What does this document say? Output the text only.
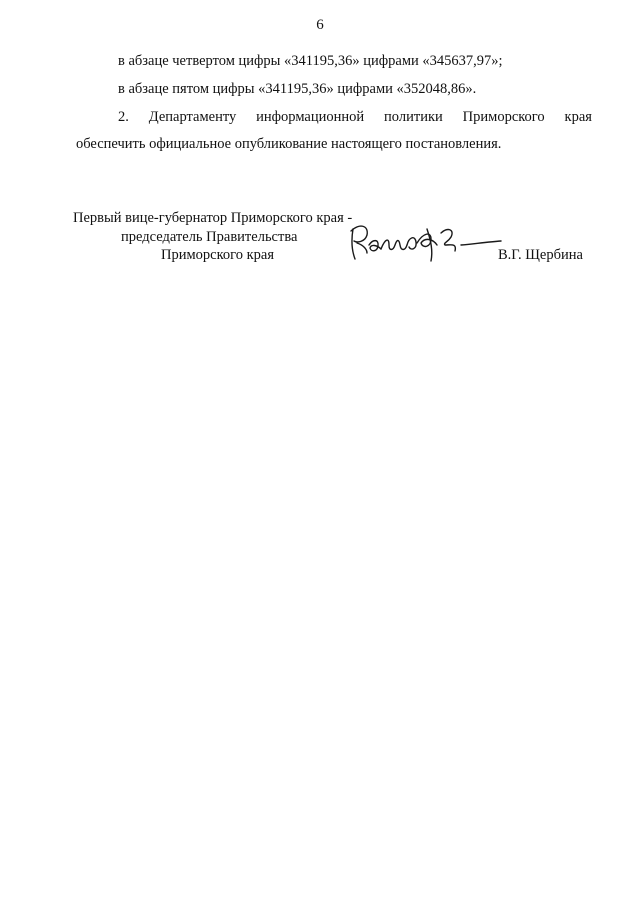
6
в абзаце четвертом цифры «341195,36» цифрами «345637,97»;
в абзаце пятом цифры «341195,36» цифрами «352048,86».
2. Департаменту информационной политики Приморского края
обеспечить официальное опубликование настоящего постановления.
Первый вице-губернатор Приморского края -
председатель Правительства
Приморского края	В.Г. Щербина
